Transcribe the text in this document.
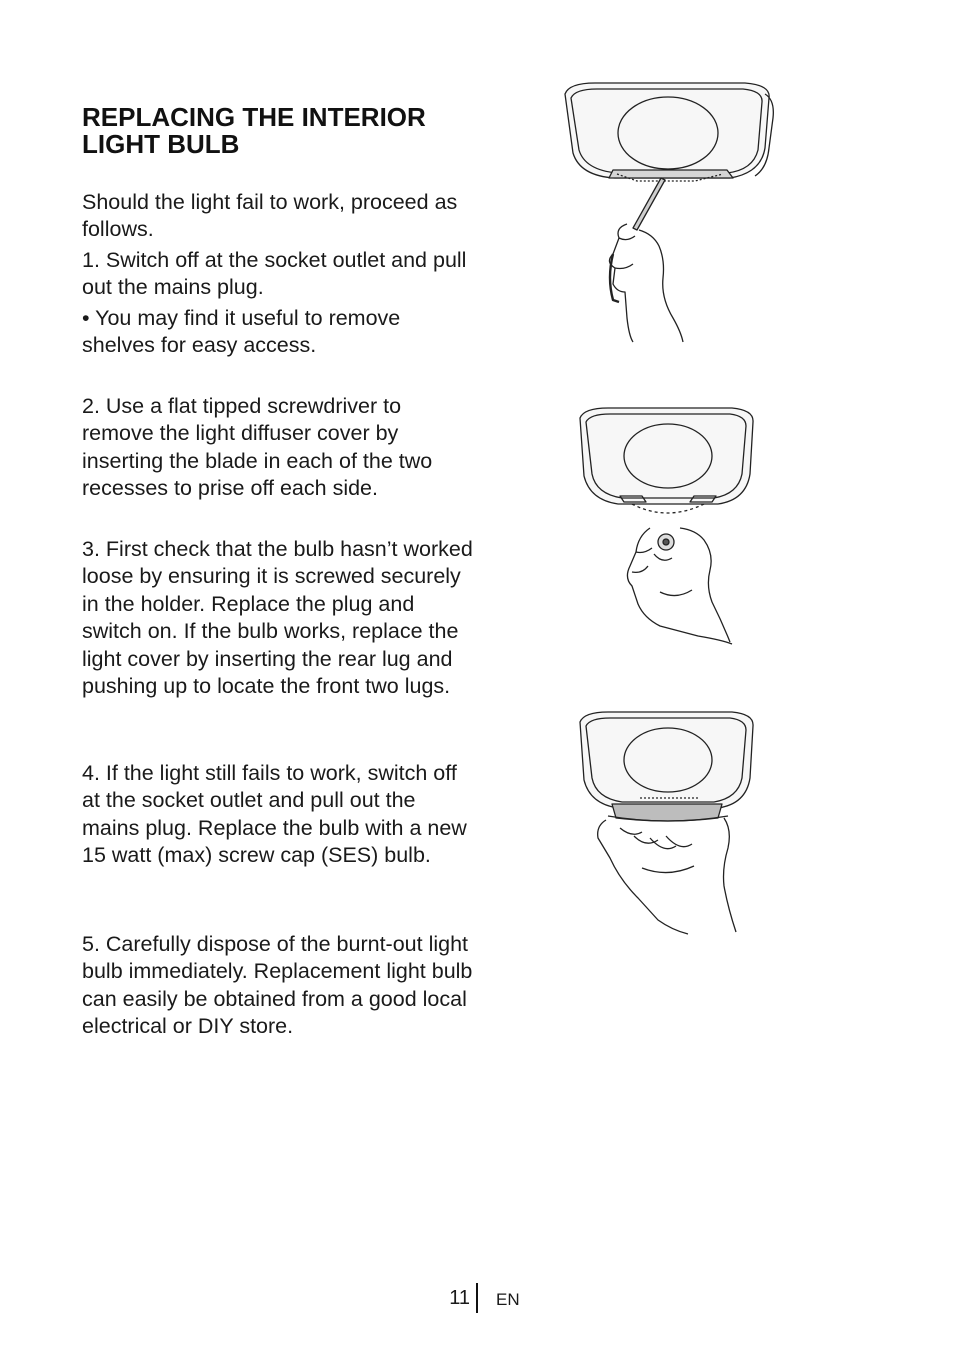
REPLACING THE INTERIOR LIGHT BULB

Should the light fail to work, proceed as follows.

1. Switch off at the socket outlet and pull out the mains plug.

• You may find it useful to remove shelves for easy access.

2. Use a flat tipped screwdriver to remove the light diffuser cover by inserting the blade in each of the two recesses to prise off each side.

3. First check that the bulb hasn’t worked loose by ensuring it is screwed securely in the holder. Replace the plug and switch on. If the bulb works, replace the light cover by inserting the rear lug and pushing up to locate the front two lugs.

4. If the light still fails to work, switch off at the socket outlet and pull out the mains plug. Replace the bulb with a new 15 watt (max) screw cap (SES) bulb.

5. Carefully dispose of the burnt-out light bulb immediately. Replacement light bulb can easily be obtained from a good local electrical or DIY store.

11 EN
